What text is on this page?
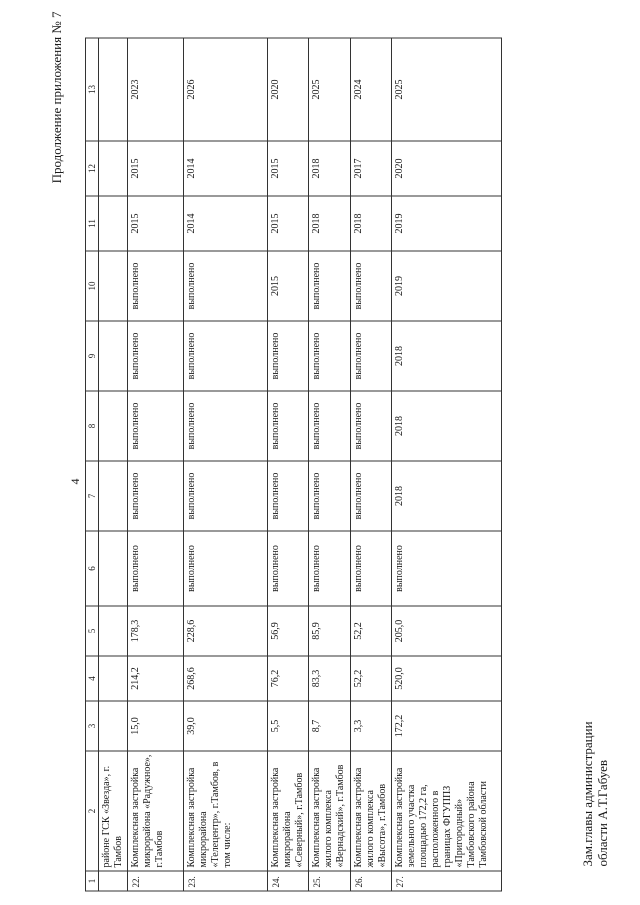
4
Продолжение приложения № 7
1	2	3	4	5	6	7	8	9	10	11	12	13
	районе ГСК «Звезда», г. Тамбов											
22.	Комплексная застройка микрорайона «Радужное», г.Тамбов	15,0	214,2	178,3	выполнено	выполнено	выполнено	выполнено	выполнено	2015	2015	2023
23.	Комплексная застройка микрорайона «Телецентр», г.Тамбов, в том числе:	39,0	268,6	228,6	выполнено	выполнено	выполнено	выполнено	выполнено	2014	2014	2026
24.	Комплексная застройка микрорайона «Северный», г.Тамбов	5,5	76,2	56,9	выполнено	выполнено	выполнено	выполнено	2015	2015	2015	2020
25.	Комплексная застройка жилого комплекса «Вернадский», г.Тамбов	8,7	83,3	85,9	выполнено	выполнено	выполнено	выполнено	выполнено	2018	2018	2025
26.	Комплексная застройка жилого комплекса «Высота», г.Тамбов	3,3	52,2	52,2	выполнено	выполнено	выполнено	выполнено	выполнено	2018	2017	2024
27.	Комплексная застройка земельного участка площадью 172,2 га, расположенного в границах ФГУППЗ «Пригородный» Тамбовского района Тамбовской области	172,2	520,0	205,0	выполнено	2018	2018	2018	2019	2019	2020	2025
Зам.главы администрации области А.Т.Габуев
